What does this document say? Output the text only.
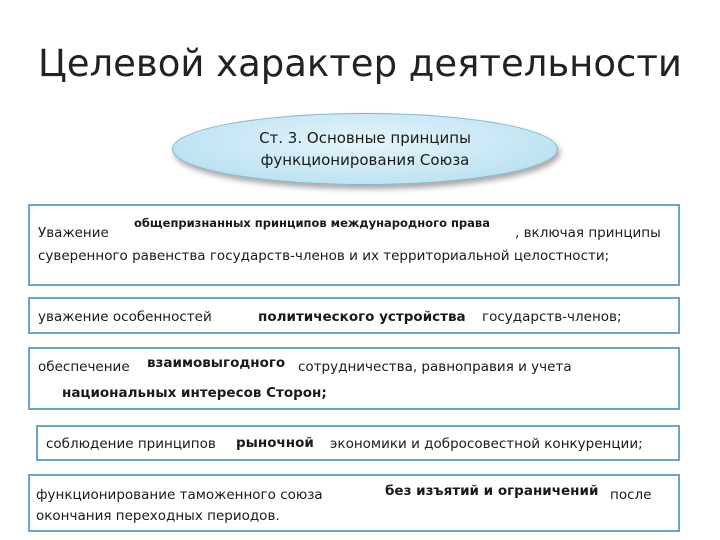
Целевой характер деятельности
Ст. 3. Основные принципы
функционирования Союза
Уважение
общепризнанных принципов международного права
, включая принципы
суверенного равенства государств-членов и их территориальной целостности;
уважение особенностей	политического устройства государств-членов;
обеспечение взаимовыгодного сотрудничества, равноправия и учета
национальных интересов Сторон;
соблюдение принципов рыночной экономики и добросовестной конкуренции;
функционирование таможенного союза	без изъятий и ограничений после
окончания переходных периодов.
